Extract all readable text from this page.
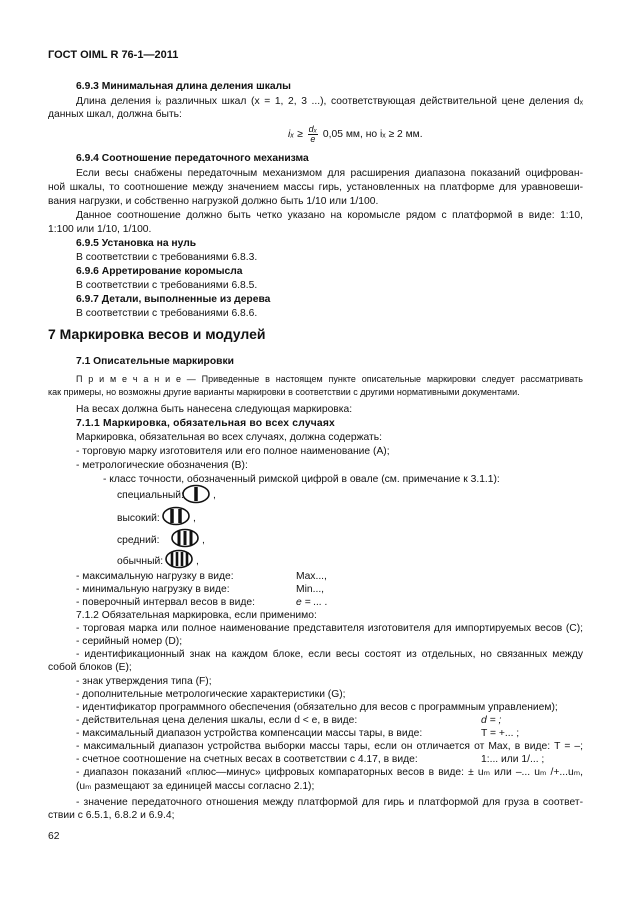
ГОСТ OIML R 76-1—2011
6.9.3 Минимальная длина деления шкалы
Длина деления iₓ различных шкал (x = 1, 2, 3 ...), соответствующая действительной цене деления dₓ
данных шкал, должна быть:
$i_x \ge \frac{\text{dₓ}}{e} 0,05$ мм, но iₓ ≥ 2 мм.
6.9.4 Соотношение передаточного механизма
Если весы снабжены передаточным механизмом для расширения диапазона показаний оцифрован-
ной шкалы, то соотношение между значением массы гирь, установленных на платформе для уравновеши-
вания нагрузки, и собственно нагрузкой должно быть 1/10 или 1/100.
Данное соотношение должно быть четко указано на коромысле рядом с платформой в виде: 1:10,
1:100 или 1/10, 1/100.
6.9.5 Установка на нуль
В соответствии с требованиями 6.8.3.
6.9.6 Арретирование коромысла
В соответствии с требованиями 6.8.5.
6.9.7 Детали, выполненные из дерева
В соответствии с требованиями 6.8.6.
7 Маркировка весов и модулей
7.1 Описательные маркировки
П р и м е ч а н и е — Приведенные в настоящем пункте описательные маркировки следует рассматривать
как примеры, но возможны другие варианты маркировки в соответствии с другими нормативными документами.
На весах должна быть нанесена следующая маркировка:
7.1.1 Маркировка, обязательная во всех случаях
Маркировка, обязательная во всех случаях, должна содержать:
- торговую марку изготовителя или его полное наименование (A);
- метрологические обозначения (B):
- класс точности, обозначенный римской цифрой в овале (см. примечание к 3.1.1):
специальный:	,
высокий:	,
средний:	,
обычный:	,
- максимальную нагрузку в виде:	Max...,
- минимальную нагрузку в виде:	Min...,
- поверочный интервал весов в виде:	e = ... .
7.1.2 Обязательная маркировка, если применимо:
- торговая марка или полное наименование представителя изготовителя для импортируемых весов (C);
- серийный номер (D);
- идентификационный знак на каждом блоке, если весы состоят из отдельных, но связанных между
собой блоков (E);
- знак утверждения типа (F);
- дополнительные метрологические характеристики (G);
- идентификатор программного обеспечения (обязательно для весов с программным управлением);
- действительная цена деления шкалы, если d < e, в виде:	d = ;
- максимальный диапазон устройства компенсации массы тары, в виде:	T = +... ;
- максимальный диапазон устройства выборки массы тары, если он отличается от Max, в виде: T = –;
- счетное соотношение на счетных весах в соответствии с 4.17, в виде:	1:... или 1/... ;
- диапазон показаний «плюс—минус» цифровых компараторных весов в виде: ± uₘ или –... uₘ /+...uₘ,
(uₘ размещают за единицей массы согласно 2.1);
- значение передаточного отношения между платформой для гирь и платформой для груза в соответ-
ствии с 6.5.1, 6.8.2 и 6.9.4;
62
